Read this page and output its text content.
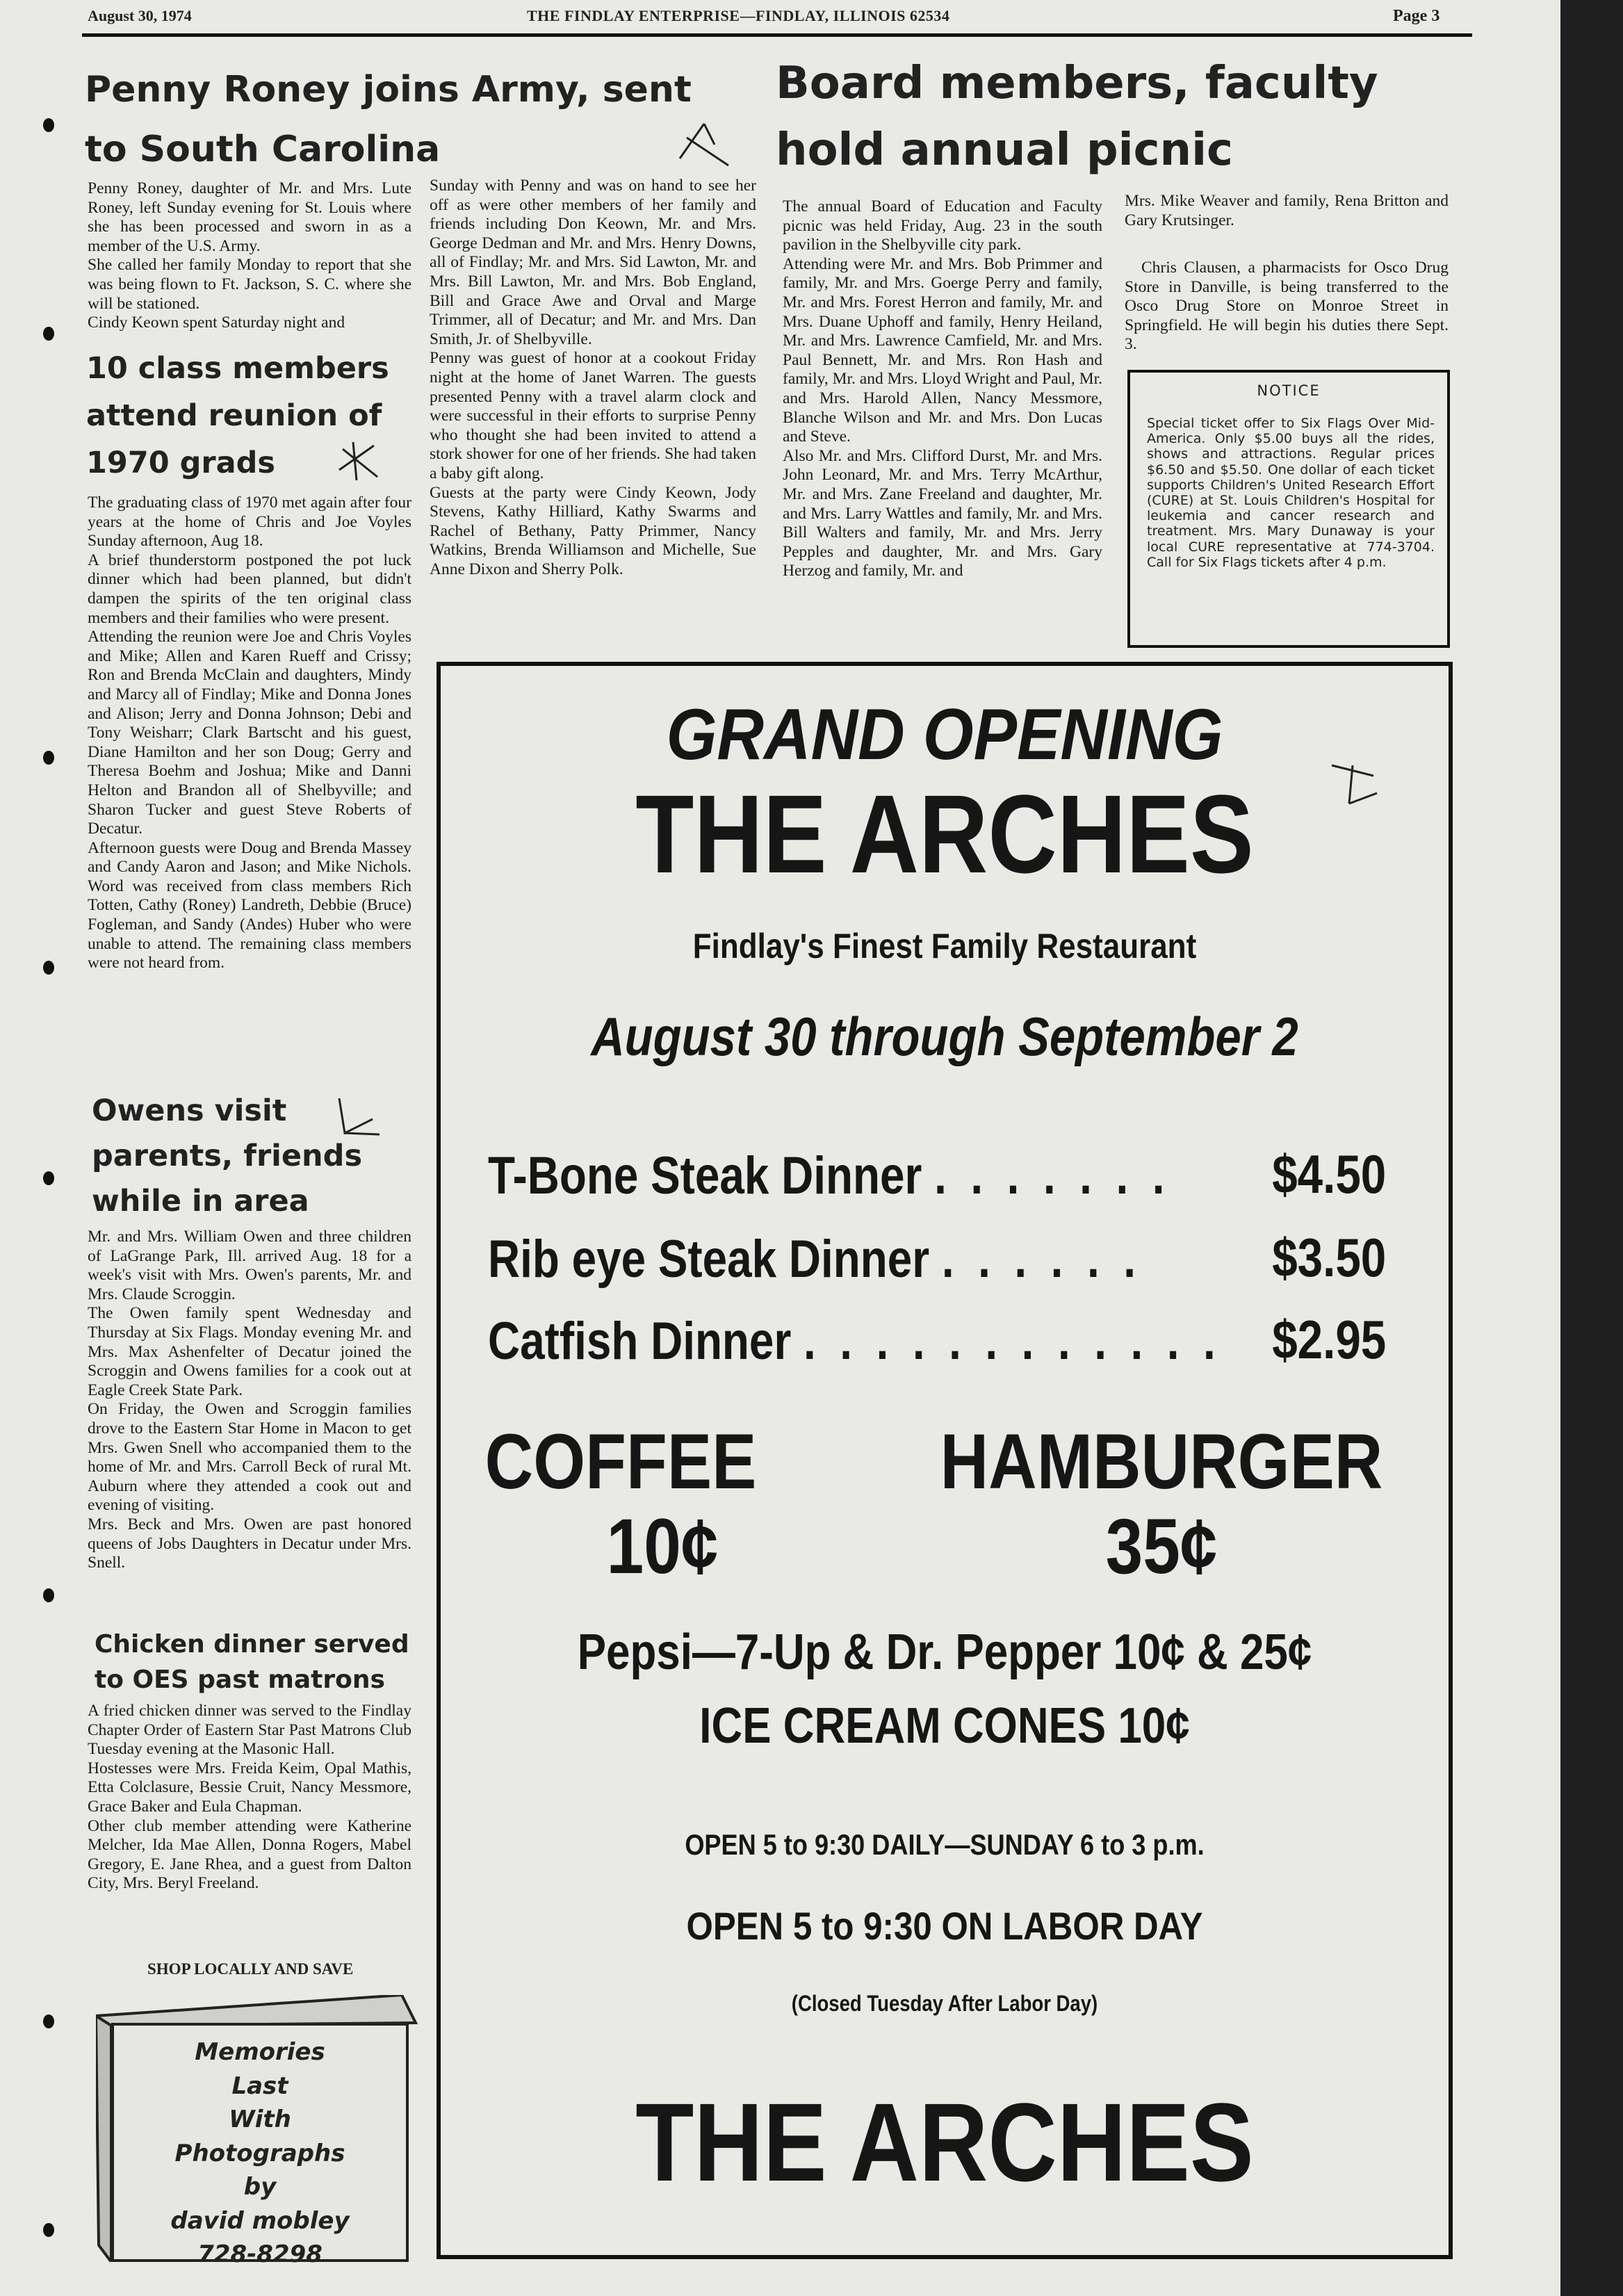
August 30, 1974	THE FINDLAY ENTERPRISE—FINDLAY, ILLINOIS 62534	Page 3
Penny Roney joins Army, sent to South Carolina

Penny Roney, daughter of Mr. and Mrs. Lute Roney, left Sunday evening for St. Louis where she has been processed and sworn in as a member of the U.S. Army.
She called her family Monday to report that she was being flown to Ft. Jackson, S. C. where she will be stationed.
Cindy Keown spent Saturday night and

Sunday with Penny and was on hand to see her off as were other members of her family and friends including Don Keown, Mr. and Mrs. George Dedman and Mr. and Mrs. Henry Downs, all of Findlay; Mr. and Mrs. Sid Lawton, Mr. and Mrs. Bill Lawton, Mr. and Mrs. Bob England, Bill and Grace Awe and Orval and Marge Trimmer, all of Decatur; and Mr. and Mrs. Dan Smith, Jr. of Shelbyville.
Penny was guest of honor at a cookout Friday night at the home of Janet Warren. The guests presented Penny with a travel alarm clock and were successful in their efforts to surprise Penny who thought she had been invited to attend a stork shower for one of her friends. She had taken a baby gift along.
Guests at the party were Cindy Keown, Jody Stevens, Kathy Hilliard, Kathy Swarms and Rachel of Bethany, Patty Primmer, Nancy Watkins, Brenda Williamson and Michelle, Sue Anne Dixon and Sherry Polk.

10 class members attend reunion of 1970 grads

The graduating class of 1970 met again after four years at the home of Chris and Joe Voyles Sunday afternoon, Aug 18.
A brief thunderstorm postponed the pot luck dinner which had been planned, but didn't dampen the spirits of the ten original class members and their families who were present.
Attending the reunion were Joe and Chris Voyles and Mike; Allen and Karen Rueff and Crissy; Ron and Brenda McClain and daughters, Mindy and Marcy all of Findlay; Mike and Donna Jones and Alison; Jerry and Donna Johnson; Debi and Tony Weisharr; Clark Bartscht and his guest, Diane Hamilton and her son Doug; Gerry and Theresa Boehm and Joshua; Mike and Danni Helton and Brandon all of Shelbyville; and Sharon Tucker and guest Steve Roberts of Decatur.
Afternoon guests were Doug and Brenda Massey and Candy Aaron and Jason; and Mike Nichols. Word was received from class members Rich Totten, Cathy (Roney) Landreth, Debbie (Bruce) Fogleman, and Sandy (Andes) Huber who were unable to attend. The remaining class members were not heard from.

Owens visit parents, friends while in area

Mr. and Mrs. William Owen and three children of LaGrange Park, Ill. arrived Aug. 18 for a week's visit with Mrs. Owen's parents, Mr. and Mrs. Claude Scroggin.
The Owen family spent Wednesday and Thursday at Six Flags. Monday evening Mr. and Mrs. Max Ashenfelter of Decatur joined the Scroggin and Owens families for a cook out at Eagle Creek State Park.
On Friday, the Owen and Scroggin families drove to the Eastern Star Home in Macon to get Mrs. Gwen Snell who accompanied them to the home of Mr. and Mrs. Carroll Beck of rural Mt. Auburn where they attended a cook out and evening of visiting.
Mrs. Beck and Mrs. Owen are past honored queens of Jobs Daughters in Decatur under Mrs. Snell.

Chicken dinner served to OES past matrons

A fried chicken dinner was served to the Findlay Chapter Order of Eastern Star Past Matrons Club Tuesday evening at the Masonic Hall.
Hostesses were Mrs. Freida Keim, Opal Mathis, Etta Colclasure, Bessie Cruit, Nancy Messmore, Grace Baker and Eula Chapman.
Other club member attending were Katherine Melcher, Ida Mae Allen, Donna Rogers, Mabel Gregory, E. Jane Rhea, and a guest from Dalton City, Mrs. Beryl Freeland.

Board members, faculty hold annual picnic

The annual Board of Education and Faculty picnic was held Friday, Aug. 23 in the south pavilion in the Shelbyville city park.
Attending were Mr. and Mrs. Bob Primmer and family, Mr. and Mrs. Goerge Perry and family, Mr. and Mrs. Forest Herron and family, Mr. and Mrs. Duane Uphoff and family, Henry Heiland, Mr. and Mrs. Lawrence Camfield, Mr. and Mrs. Paul Bennett, Mr. and Mrs. Ron Hash and family, Mr. and Mrs. Lloyd Wright and Paul, Mr. and Mrs. Harold Allen, Nancy Messmore, Blanche Wilson and Mr. and Mrs. Don Lucas and Steve.
Also Mr. and Mrs. Clifford Durst, Mr. and Mrs. John Leonard, Mr. and Mrs. Terry McArthur, Mr. and Mrs. Zane Freeland and daughter, Mr. and Mrs. Larry Wattles and family, Mr. and Mrs. Bill Walters and family, Mr. and Mrs. Jerry Pepples and daughter, Mr. and Mrs. Gary Herzog and family, Mr. and

Mrs. Mike Weaver and family, Rena Britton and Gary Krutsinger.

Chris Clausen, a pharmacists for Osco Drug Store in Danville, is being transferred to the Osco Drug Store on Monroe Street in Springfield. He will begin his duties there Sept. 3.

NOTICE
Special ticket offer to Six Flags Over Mid-America. Only $5.00 buys all the rides, shows and attractions. Regular prices $6.50 and $5.50. One dollar of each ticket supports Children's United Research Effort (CURE) at St. Louis Children's Hospital for leukemia and cancer research and treatment. Mrs. Mary Dunaway is your local CURE representative at 774-3704. Call for Six Flags tickets after 4 p.m.
GRAND OPENING
THE ARCHES
Findlay's Finest Family Restaurant
August 30 through September 2
T-Bone Steak Dinner . . . . . . . $4.50
Rib eye Steak Dinner . . . . . . $3.50
Catfish Dinner . . . . . . . . . . . . $2.95
COFFEE	HAMBURGER
10¢	35¢
Pepsi—7-Up & Dr. Pepper 10¢ & 25¢
ICE CREAM CONES 10¢
OPEN 5 to 9:30 DAILY—SUNDAY 6 to 3 p.m.
OPEN 5 to 9:30 ON LABOR DAY
(Closed Tuesday After Labor Day)
THE ARCHES
SHOP LOCALLY AND SAVE
Memories
Last
With
Photographs
by
david mobley
728-8298
